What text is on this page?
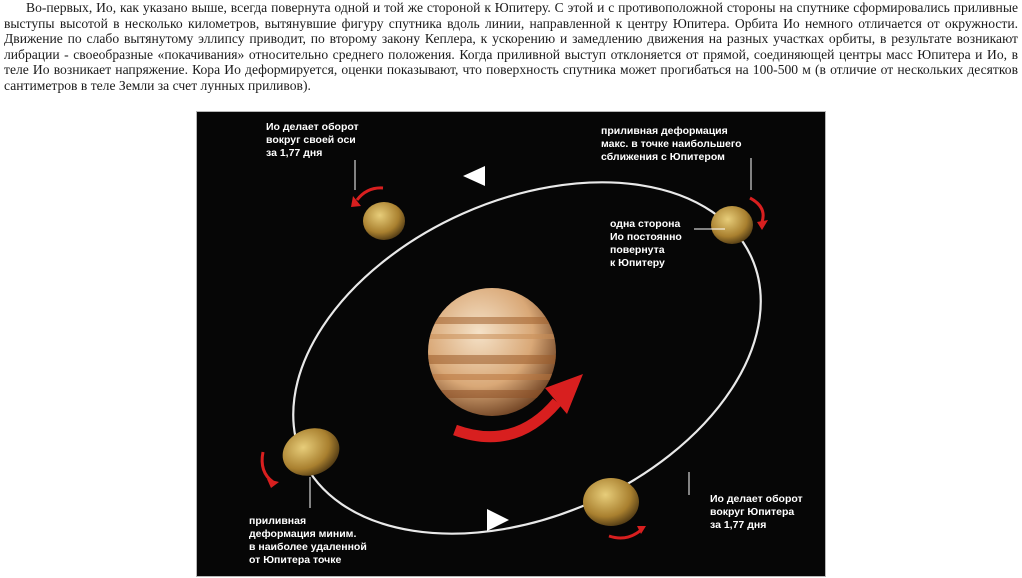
Во-первых, Ио, как указано выше, всегда повернута одной и той же стороной к Юпитеру. С этой и с противоположной стороны на спутнике сформировались приливные выступы высотой в несколько километров, вытянувшие фигуру спутника вдоль линии, направленной к центру Юпитера. Орбита Ио немного отличается от окружности. Движение по слабо вытянутому эллипсу приводит, по второму закону Кеплера, к ускорению и замедлению движения на разных участках орбиты, в результате возникают либрации - своеобразные «покачивания» относительно среднего положения. Когда приливной выступ отклоняется от прямой, соединяющей центры масс Юпитера и Ио, в теле Ио возникает напряжение. Кора Ио деформируется, оценки показывают, что поверхность спутника может прогибаться на 100-500 м (в отличие от нескольких десятков сантиметров в теле Земли за счет лунных приливов).

Ио делает оборот
вокруг своей оси
за 1,77 дня
приливная деформация
макс. в точке наибольшего
сближения с Юпитером
одна сторона
Ио постоянно
повернута
к Юпитеру
Ио делает оборот
вокруг Юпитера
за 1,77 дня
приливная
деформация миним.
в наиболее удаленной
от Юпитера точке
